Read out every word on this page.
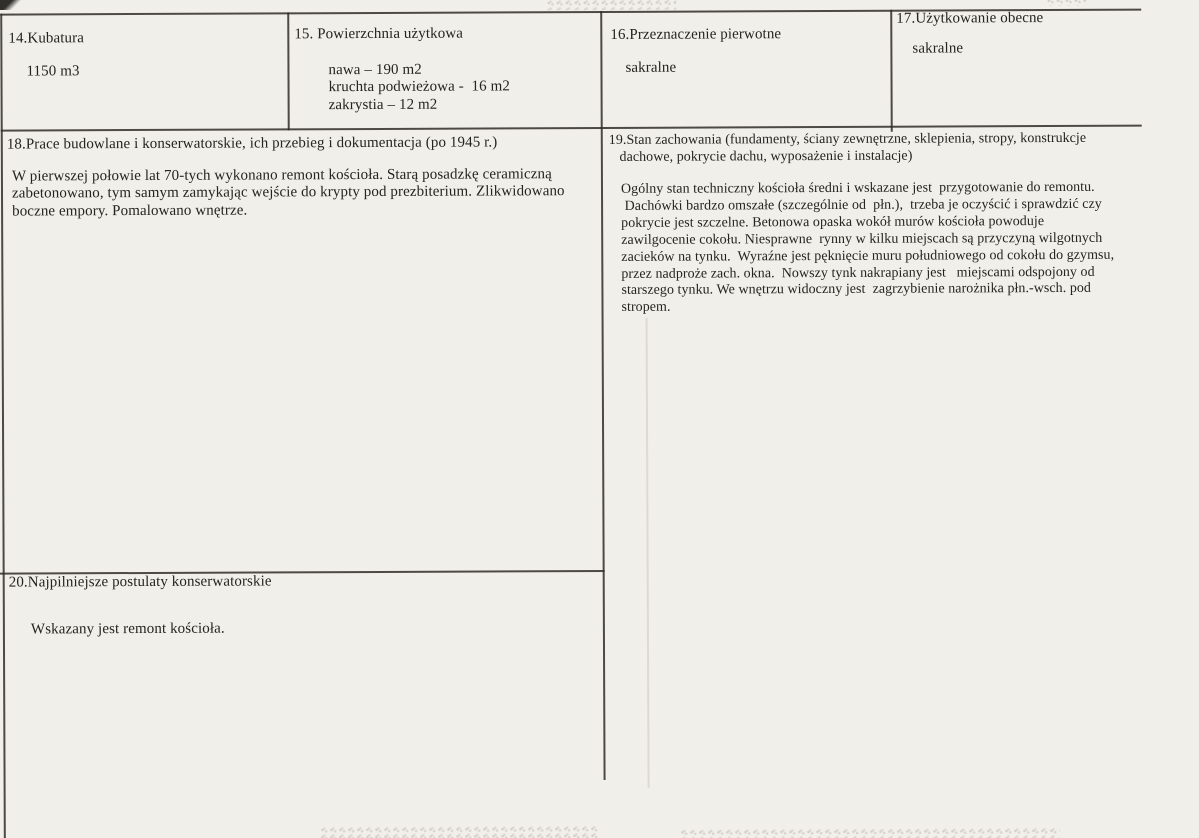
14.Kubatura
1150 m3
15. Powierzchnia użytkowa
nawa – 190 m2
kruchta podwieżowa -  16 m2
zakrystia – 12 m2
16.Przeznaczenie pierwotne
sakralne
17.Użytkowanie obecne
sakralne
18.Prace budowlane i konserwatorskie, ich przebieg i dokumentacja (po 1945 r.)
W pierwszej połowie lat 70-tych wykonano remont kościoła. Starą posadzkę ceramiczną
zabetonowano, tym samym zamykając wejście do krypty pod prezbiterium. Zlikwidowano
boczne empory. Pomalowano wnętrze.
19.Stan zachowania (fundamenty, ściany zewnętrzne, sklepienia, stropy, konstrukcje
dachowe, pokrycie dachu, wyposażenie i instalacje)
Ogólny stan techniczny kościoła średni i wskazane jest  przygotowanie do remontu.
Dachówki bardzo omszałe (szczególnie od  płn.),  trzeba je oczyścić i sprawdzić czy
pokrycie jest szczelne. Betonowa opaska wokół murów kościoła powoduje
zawilgocenie cokołu. Niesprawne  rynny w kilku miejscach są przyczyną wilgotnych
zacieków na tynku.  Wyraźne jest pęknięcie muru południowego od cokołu do gzymsu,
przez nadproże zach. okna.  Nowszy tynk nakrapiany jest   miejscami odspojony od
starszego tynku. We wnętrzu widoczny jest  zagrzybienie narożnika płn.-wsch. pod
stropem.
20.Najpilniejsze postulaty konserwatorskie
Wskazany jest remont kościoła.
